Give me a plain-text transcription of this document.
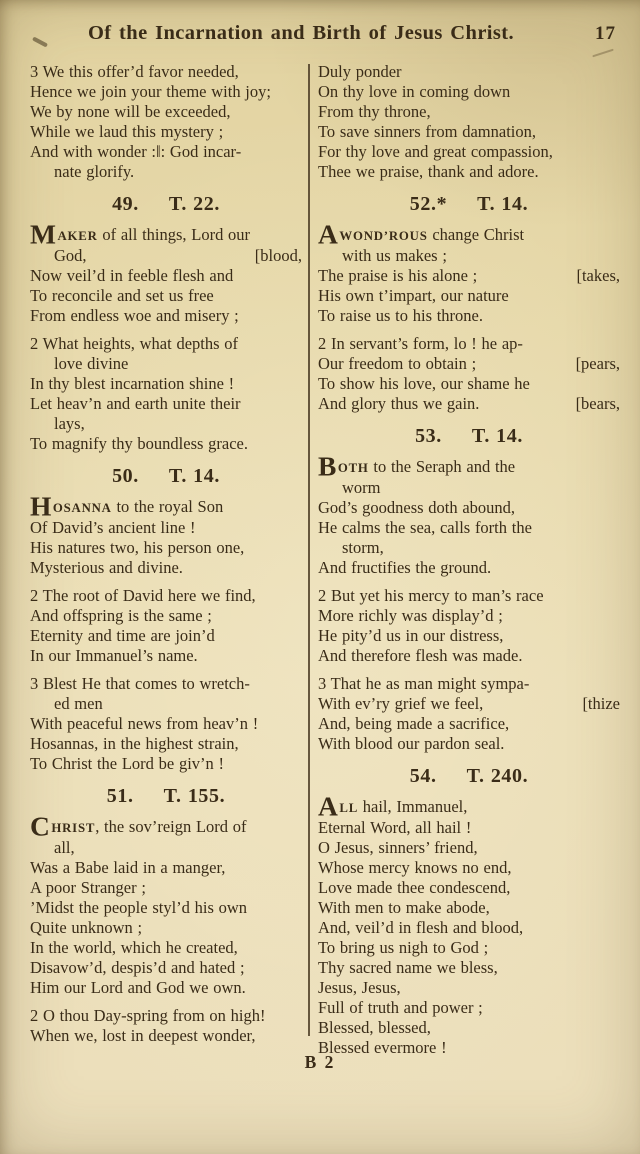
Of the Incarnation and Birth of Jesus Christ.	17
3 We this offer’d favor needed,
Hence we join your theme with joy;
We by none will be exceeded,
While we laud this mystery ;
And with wonder :‖: God incar-
nate glorify.
49. T. 22.
MAKER of all things, Lord our
God,	[blood,
Now veil’d in feeble flesh and
To reconcile and set us free
From endless woe and misery ;
2 What heights, what depths of
love divine
In thy blest incarnation shine !
Let heav’n and earth unite their
lays,
To magnify thy boundless grace.
50. T. 14.
HOSANNA to the royal Son
Of David’s ancient line !
His natures two, his person one,
Mysterious and divine.
2 The root of David here we find,
And offspring is the same ;
Eternity and time are join’d
In our Immanuel’s name.
3 Blest He that comes to wretch-
ed men
With peaceful news from heav’n !
Hosannas, in the highest strain,
To Christ the Lord be giv’n !
51. T. 155.
CHRIST, the sov’reign Lord of
all,
Was a Babe laid in a manger,
A poor Stranger ;
’Midst the people styl’d his own
Quite unknown ;
In the world, which he created,
Disavow’d, despis’d and hated ;
Him our Lord and God we own.
2 O thou Day-spring from on high!
When we, lost in deepest wonder,
Duly ponder
On thy love in coming down
From thy throne,
To save sinners from damnation,
For thy love and great compassion,
Thee we praise, thank and adore.
52.* T. 14.
AWOND’ROUS change Christ
with us makes ;
The praise is his alone ;	[takes,
His own t’impart, our nature
To raise us to his throne.
2 In servant’s form, lo ! he ap-
Our freedom to obtain ;	[pears,
To show his love, our shame he
And glory thus we gain.	[bears,
53. T. 14.
BOTH to the Seraph and the
worm
God’s goodness doth abound,
He calms the sea, calls forth the
storm,
And fructifies the ground.
2 But yet his mercy to man’s race
More richly was display’d ;
He pity’d us in our distress,
And therefore flesh was made.
3 That he as man might sympa-
With ev’ry grief we feel,	[thize
And, being made a sacrifice,
With blood our pardon seal.
54. T. 240.
ALL hail, Immanuel,
Eternal Word, all hail !
O Jesus, sinners’ friend,
Whose mercy knows no end,
Love made thee condescend,
With men to make abode,
And, veil’d in flesh and blood,
To bring us nigh to God ;
Thy sacred name we bless,
Jesus, Jesus,
Full of truth and power ;
Blessed, blessed,
Blessed evermore !
B 2
